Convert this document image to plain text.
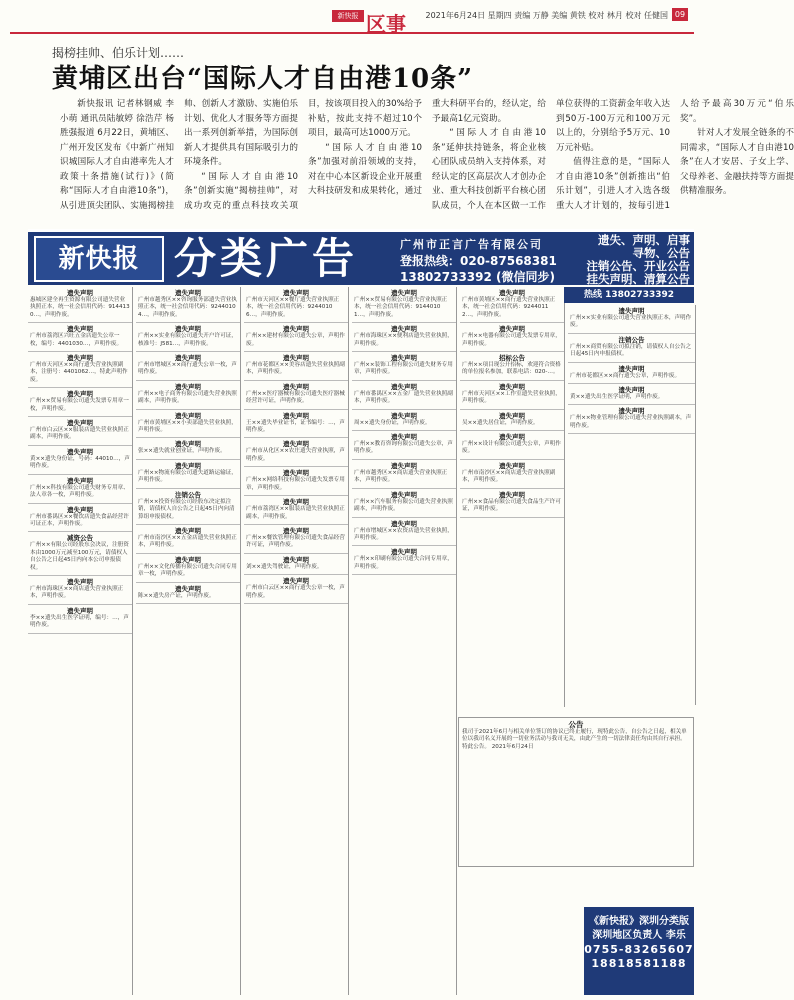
新快报 区事 2021年6月24日 星期四 责编 万静 美编 黄铁 校对 林月 校对 任健国 09
揭榜挂帅、伯乐计划……
黄埔区出台“国际人才自由港10条”

新快报讯 记者林钢威 李小萌 通讯员陆敏婷 徐浩芹 杨胜强报道 6月22日，黄埔区、广州开发区发布《中新广州知识城国际人才自由港率先人才政策十条措施(试行)》(简称“国际人才自由港10条”)，从引进顶尖团队、实施揭榜挂帅、创新人才激励、实施伯乐计划、优化人才服务等方面提出一系列创新举措，为国际创新人才提供具有国际吸引力的环境条件。

“国际人才自由港10条”创新实施“揭榜挂帅”，对成功攻克的重点科技攻关项目，按该项目投入的30%给予补贴，按此支持不超过10个项目，最高可达1000万元。

“国际人才自由港10条”加强对前沿领域的支持，对在中心本区新设企业开展重大科技研发和成果转化，通过重大科研平台的，经认定，给予最高1亿元资助。

“国际人才自由港10条”延伸扶持链条，将企业核心团队成员纳入支持体系，对经认定的区高层次人才创办企业、重大科技创新平台核心团队成员，个人在本区做一工作单位获得的工资薪金年收入达到50万-100万元和100万元以上的，分别给予5万元、10万元补贴。

值得注意的是，“国际人才自由港10条”创新推出“伯乐计划”，引进人才入选各级重大人才计划的，按每引进1人给予最高30万元“伯乐奖”。

针对人才发展全链条的不同需求，“国际人才自由港10条”在人才安居、子女上学、父母养老、金融扶持等方面提供精准服务。

新快报 分类广告	广州市正言广告有限公司
登报热线：020-87568381
13802733392 (微信同步)
遗失、声明、启事
寻物、公告
注销公告、开业公告
挂失声明、清算公告
遗失声明
广州××实业有限公司遗失营业执照正本，声明作废。
注销公告
广州××商贸有限公司拟注销，请债权人自公告之日起45日内申报债权。
遗失声明
广州市花都区××商行遗失公章，声明作废。
遗失声明
黄××遗失出生医学证明，声明作废。
遗失声明
广州××物业管理有限公司遗失营业执照副本，声明作废。
遗失声明
广州市黄埔区××商行遗失营业执照正本，统一社会信用代码：92440112…，声明作废。
遗失声明
广州××电器有限公司遗失发票专用章，声明作废。
招标公告
广州××项目现公开招标，欢迎符合资格的单位报名参加，联系电话：020-…。
遗失声明
广州市天河区××工作室遗失营业执照，声明作废。
遗失声明
吴××遗失居住证，声明作废。
遗失声明
广州××设计有限公司遗失公章，声明作废。
遗失声明
广州市南沙区××商店遗失营业执照副本，声明作废。
遗失声明
广州××食品有限公司遗失食品生产许可证，声明作废。
遗失声明
广州××贸易有限公司遗失营业执照正本，统一社会信用代码：91440101…，声明作废。
遗失声明
广州市海珠区××便利店遗失营业执照，声明作废。
遗失声明
广州××装饰工程有限公司遗失财务专用章，声明作废。
遗失声明
广州市番禺区××五金厂遗失营业执照副本，声明作废。
遗失声明
周××遗失身份证，声明作废。
遗失声明
广州××教育咨询有限公司遗失公章，声明作废。
遗失声明
广州市越秀区××商店遗失营业执照正本，声明作废。
遗失声明
广州××汽车服务有限公司遗失营业执照副本，声明作废。
遗失声明
广州市增城区××农资店遗失营业执照，声明作废。
遗失声明
广州××印刷有限公司遗失合同专用章，声明作废。
遗失声明
广州市天河区××餐厅遗失营业执照正本，统一社会信用代码：92440106…，声明作废。
遗失声明
广州××建材有限公司遗失公章，声明作废。
遗失声明
广州市花都区××美容店遗失营业执照副本，声明作废。
遗失声明
广州××医疗器械有限公司遗失医疗器械经营许可证，声明作废。
遗失声明
王××遗失毕业证书，证书编号：…，声明作废。
遗失声明
广州市从化区××农庄遗失营业执照，声明作废。
遗失声明
广州××网络科技有限公司遗失发票专用章，声明作废。
遗失声明
广州市荔湾区××服装店遗失营业执照正副本，声明作废。
遗失声明
广州××餐饮管理有限公司遗失食品经营许可证，声明作废。
遗失声明
刘××遗失驾驶证，声明作废。
遗失声明
广州市白云区××商行遗失公章一枚，声明作废。
遗失声明
广州市越秀区××咨询服务部遗失营业执照正本，统一社会信用代码：92440104…，声明作废。
遗失声明
广州××实业有限公司遗失开户许可证，核准号：J581…，声明作废。
遗失声明
广州市增城区××商行遗失公章一枚，声明作废。
遗失声明
广州××电子商务有限公司遗失营业执照副本，声明作废。
遗失声明
广州市黄埔区××小卖部遗失营业执照，声明作废。
遗失声明
张××遗失就业创业证，声明作废。
遗失声明
广州××物流有限公司遗失道路运输证，声明作废。
注销公告
广州××投资有限公司经股东决定拟注销，请债权人自公告之日起45日内向清算组申报债权。
遗失声明
广州市南沙区××五金店遗失营业执照正本，声明作废。
遗失声明
广州××文化传播有限公司遗失合同专用章一枚，声明作废。
遗失声明
陈××遗失房产证，声明作废。
遗失声明
惠城区建全再生资源有限公司遗失营业执照正本，统一社会信用代码：9144130…，声明作废。
遗失声明
广州市荔湾区兴旺五金店遗失公章一枚，编号：4401030…，声明作废。
遗失声明
广州市天河区××商行遗失营业执照副本，注册号：4401062…，特此声明作废。
遗失声明
广州××贸易有限公司遗失发票专用章一枚，声明作废。
遗失声明
广州市白云区××服装店遗失营业执照正副本，声明作废。
遗失声明
黄××遗失身份证，号码：44010…，声明作废。
遗失声明
广州××科技有限公司遗失财务专用章、法人章各一枚，声明作废。
遗失声明
广州市番禺区××餐饮店遗失食品经营许可证正本，声明作废。
减资公告
广州××有限公司经股东会决议，注册资本由1000万元减至100万元，请债权人自公告之日起45日内向本公司申报债权。
遗失声明
广州市海珠区××商店遗失营业执照正本，声明作废。
遗失声明
李××遗失出生医学证明，编号：…，声明作废。
热线 13802733392
公告
我司于2021年6月与相关单位签订的协议已终止履行，现特此公告，自公告之日起，相关单位以我司名义开展的一切业务活动与我司无关，由此产生的一切法律责任均由其自行承担。特此公告。 2021年6月24日
《新快报》深圳分类版
深圳地区负责人 李乐
0755-83265607
18818581188
